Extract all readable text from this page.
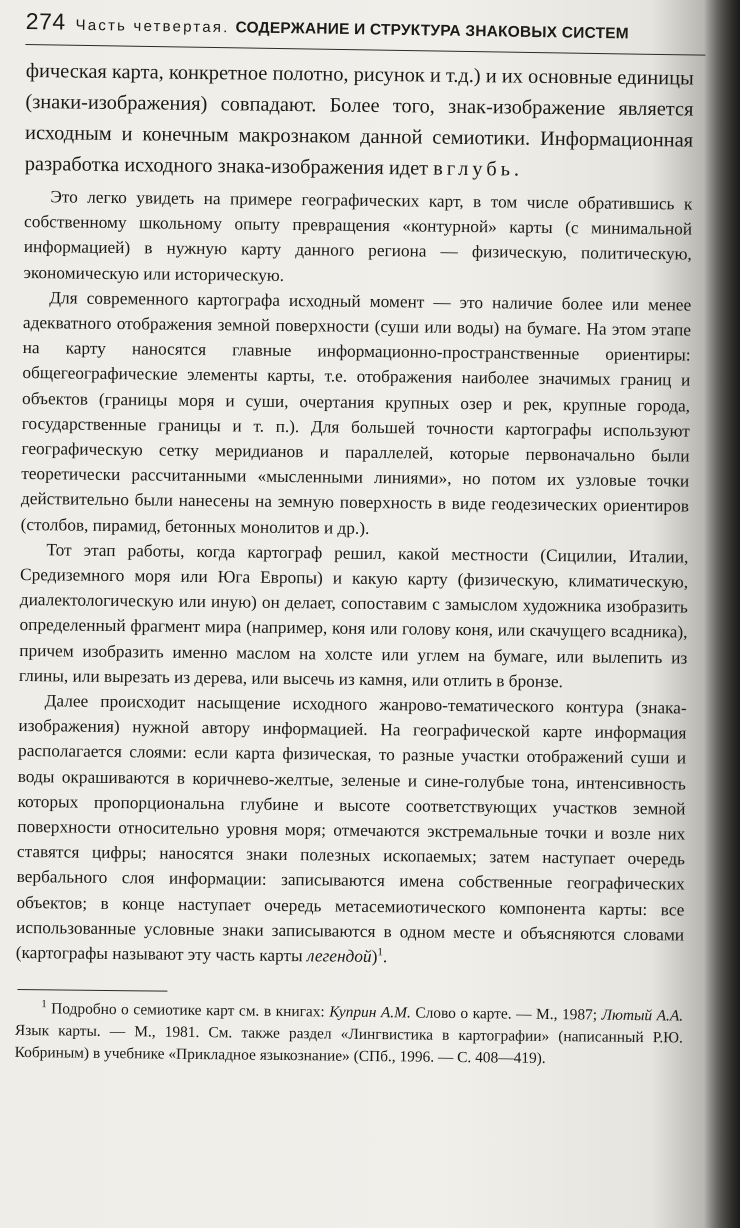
274 Часть четвертая. СОДЕРЖАНИЕ И СТРУКТУРА ЗНАКОВЫХ СИСТЕМ

фическая карта, конкретное полотно, рисунок и т.д.) и их основные единицы (знаки-изображения) совпадают. Более того, знак-изображение является исходным и конечным макрознаком данной семиотики. Информационная разработка исходного знака-изображения идет вглубь.

Это легко увидеть на примере географических карт, в том числе обратившись к собственному школьному опыту превращения «контурной» карты (с минимальной информацией) в нужную карту данного региона — физическую, политическую, экономическую или историческую.

Для современного картографа исходный момент — это наличие более или менее адекватного отображения земной поверхности (суши или воды) на бумаге. На этом этапе на карту наносятся главные информационно-пространственные ориентиры: общегеографические элементы карты, т.е. отображения наиболее значимых границ и объектов (границы моря и суши, очертания крупных озер и рек, крупные города, государственные границы и т. п.). Для большей точности картографы используют географическую сетку меридианов и параллелей, которые первоначально были теоретически рассчитанными «мысленными линиями», но потом их узловые точки действительно были нанесены на земную поверхность в виде геодезических ориентиров (столбов, пирамид, бетонных монолитов и др.).

Тот этап работы, когда картограф решил, какой местности (Сицилии, Италии, Средиземного моря или Юга Европы) и какую карту (физическую, климатическую, диалектологическую или иную) он делает, сопоставим с замыслом художника изобразить определенный фрагмент мира (например, коня или голову коня, или скачущего всадника), причем изобразить именно маслом на холсте или углем на бумаге, или вылепить из глины, или вырезать из дерева, или высечь из камня, или отлить в бронзе.

Далее происходит насыщение исходного жанрово-тематического контура (знака-изображения) нужной автору информацией. На географической карте информация располагается слоями: если карта физическая, то разные участки отображений суши и воды окрашиваются в коричнево-желтые, зеленые и сине-голубые тона, интенсивность которых пропорциональна глубине и высоте соответствующих участков земной поверхности относительно уровня моря; отмечаются экстремальные точки и возле них ставятся цифры; наносятся знаки полезных ископаемых; затем наступает очередь вербального слоя информации: записываются имена собственные географических объектов; в конце наступает очередь метасемиотического компонента карты: все использованные условные знаки записываются в одном месте и объясняются словами (картографы называют эту часть карты легендой)$^1$.

$^1$ Подробно о семиотике карт см. в книгах: Куприн А.М. Слово о карте. — М., 1987; Лютый А.А. Язык карты. — М., 1981. См. также раздел «Лингвистика в картографии» (написанный Р.Ю. Кобриным) в учебнике «Прикладное языкознание» (СПб., 1996. — С. 408—419).
